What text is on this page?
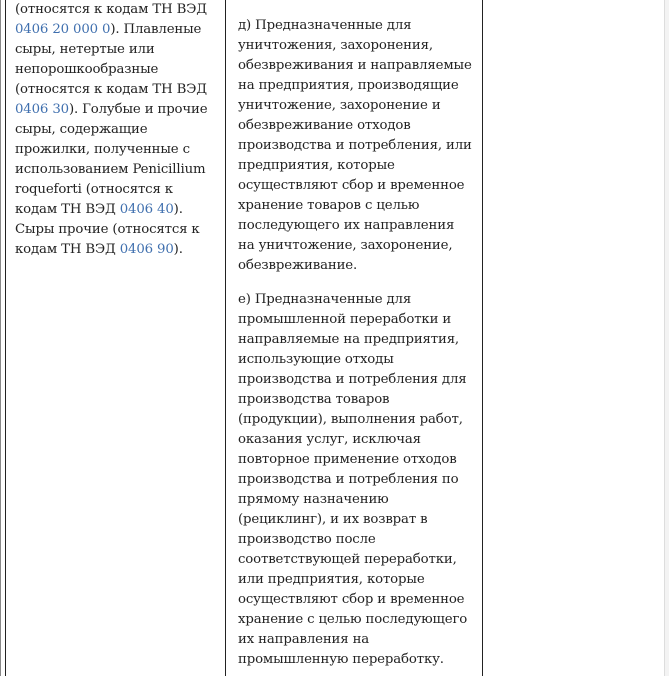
(относятся к кодам ТН ВЭД 0406 20 000 0). Плавленые сыры, нетертые или непорошкообразные (относятся к кодам ТН ВЭД 0406 30). Голубые и прочие сыры, содержащие прожилки, полученные с использованием Penicillium roqueforti (относятся к кодам ТН ВЭД 0406 40). Сыры прочие (относятся к кодам ТН ВЭД 0406 90).

д) Предназначенные для уничтожения, захоронения, обезвреживания и направляемые на предприятия, производящие уничтожение, захоронение и обезвреживание отходов производства и потребления, или предприятия, которые осуществляют сбор и временное хранение товаров с целью последующего их направления на уничтожение, захоронение, обезвреживание.

е) Предназначенные для промышленной переработки и направляемые на предприятия, использующие отходы производства и потребления для производства товаров (продукции), выполнения работ, оказания услуг, исключая повторное применение отходов производства и потребления по прямому назначению (рециклинг), и их возврат в производство после соответствующей переработки, или предприятия, которые осуществляют сбор и временное хранение с целью последующего их направления на промышленную переработку.
